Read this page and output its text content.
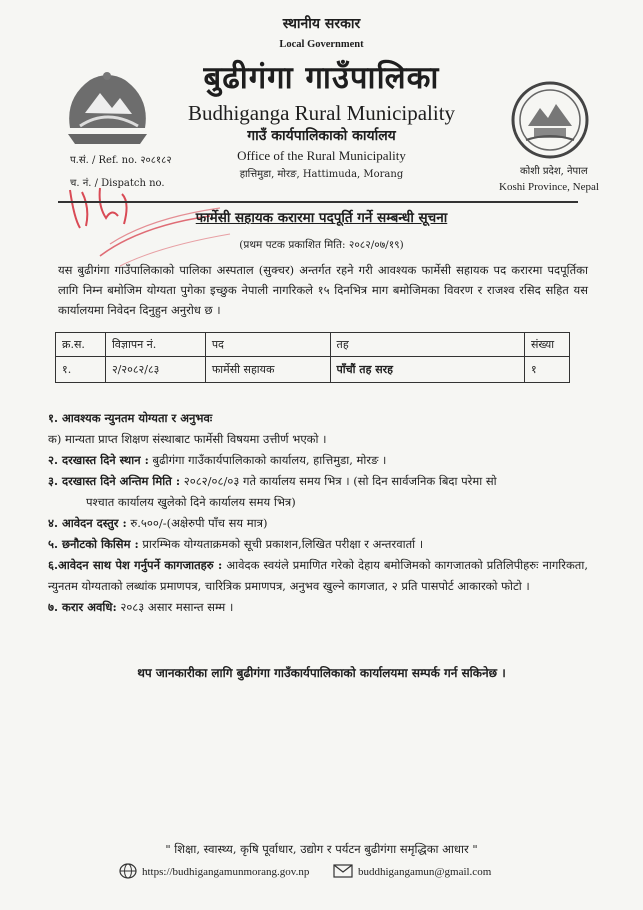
स्थानीय सरकार
Local Government
बुढीगंगा गाउँपालिका
Budhiganga Rural Municipality
गाउँ कार्यपालिकाको कार्यालय
Office of the Rural Municipality
हात्तिमुडा, मोरङ, Hattimuda, Morang
प.सं. / Ref. no. २०८१८२
च. नं. / Dispatch no.
कोशी प्रदेश, नेपाल
Koshi Province, Nepal
फार्मेसी सहायक करारमा पदपूर्ति गर्ने सम्बन्धी सूचना
(प्रथम पटक प्रकाशित मिति: २०८२/०७/१९)
यस बुढीगंगा गाउँपालिकाको पालिका अस्पताल (सुक्चर) अन्तर्गत रहने गरी आवश्यक फार्मेसी सहायक पद करारमा पदपूर्तिका लागि निम्न बमोजिम योग्यता पुगेका इच्छुक नेपाली नागरिकले १५ दिनभित्र माग बमोजिमका विवरण र राजश्व रसिद सहित यस कार्यालयमा निवेदन दिनुहुन अनुरोध छ ।
क्र.स.	विज्ञापन नं.	पद	तह	संख्या
१.	२/२०८२/८३	फार्मेसी सहायक	पाँचौं तह सरह	१
१. आवश्यक न्युनतम योग्यता र अनुभवः
क) मान्यता प्राप्त शिक्षण संस्थाबाट फार्मेसी विषयमा उत्तीर्ण भएको ।
२. दरखास्त दिने स्थान : बुढीगंगा गाउँकार्यपालिकाको कार्यालय, हात्तिमुडा, मोरङ ।
३. दरखास्त दिने अन्तिम मिति : २०८२/०८/०३ गते कार्यालय समय भित्र । (सो दिन सार्वजनिक बिदा परेमा सो
पश्चात कार्यालय खुलेको दिने कार्यालय समय भित्र)
४. आवेदन दस्तुर : रु.५००/-(अक्षेरुपी पाँच सय मात्र)
५. छनौटको किसिम : प्रारम्भिक योग्यताक्रमको सूची प्रकाशन,लिखित परीक्षा र अन्तरवार्ता ।
६.आवेदन साथ पेश गर्नुपर्ने कागजातहरु : आवेदक स्वयंले प्रमाणित गरेको देहाय बमोजिमको कागजातको प्रतिलिपीहरुः नागरिकता, न्युनतम योग्यताको लब्धांक प्रमाणपत्र, चारित्रिक प्रमाणपत्र, अनुभव खुल्ने कागजात, २ प्रति पासपोर्ट आकारको फोटो ।
७. करार अवधि: २०८३ असार मसान्त सम्म ।
थप जानकारीका लागि बुढीगंगा गाउँकार्यपालिकाको कार्यालयमा सम्पर्क गर्न सकिनेछ ।
" शिक्षा, स्वास्थ्य, कृषि पूर्वाधार, उद्योग र पर्यटन बुढीगंगा समृद्धिका आधार "
https://budhigangamunmorang.gov.np	buddhigangamun@gmail.com
